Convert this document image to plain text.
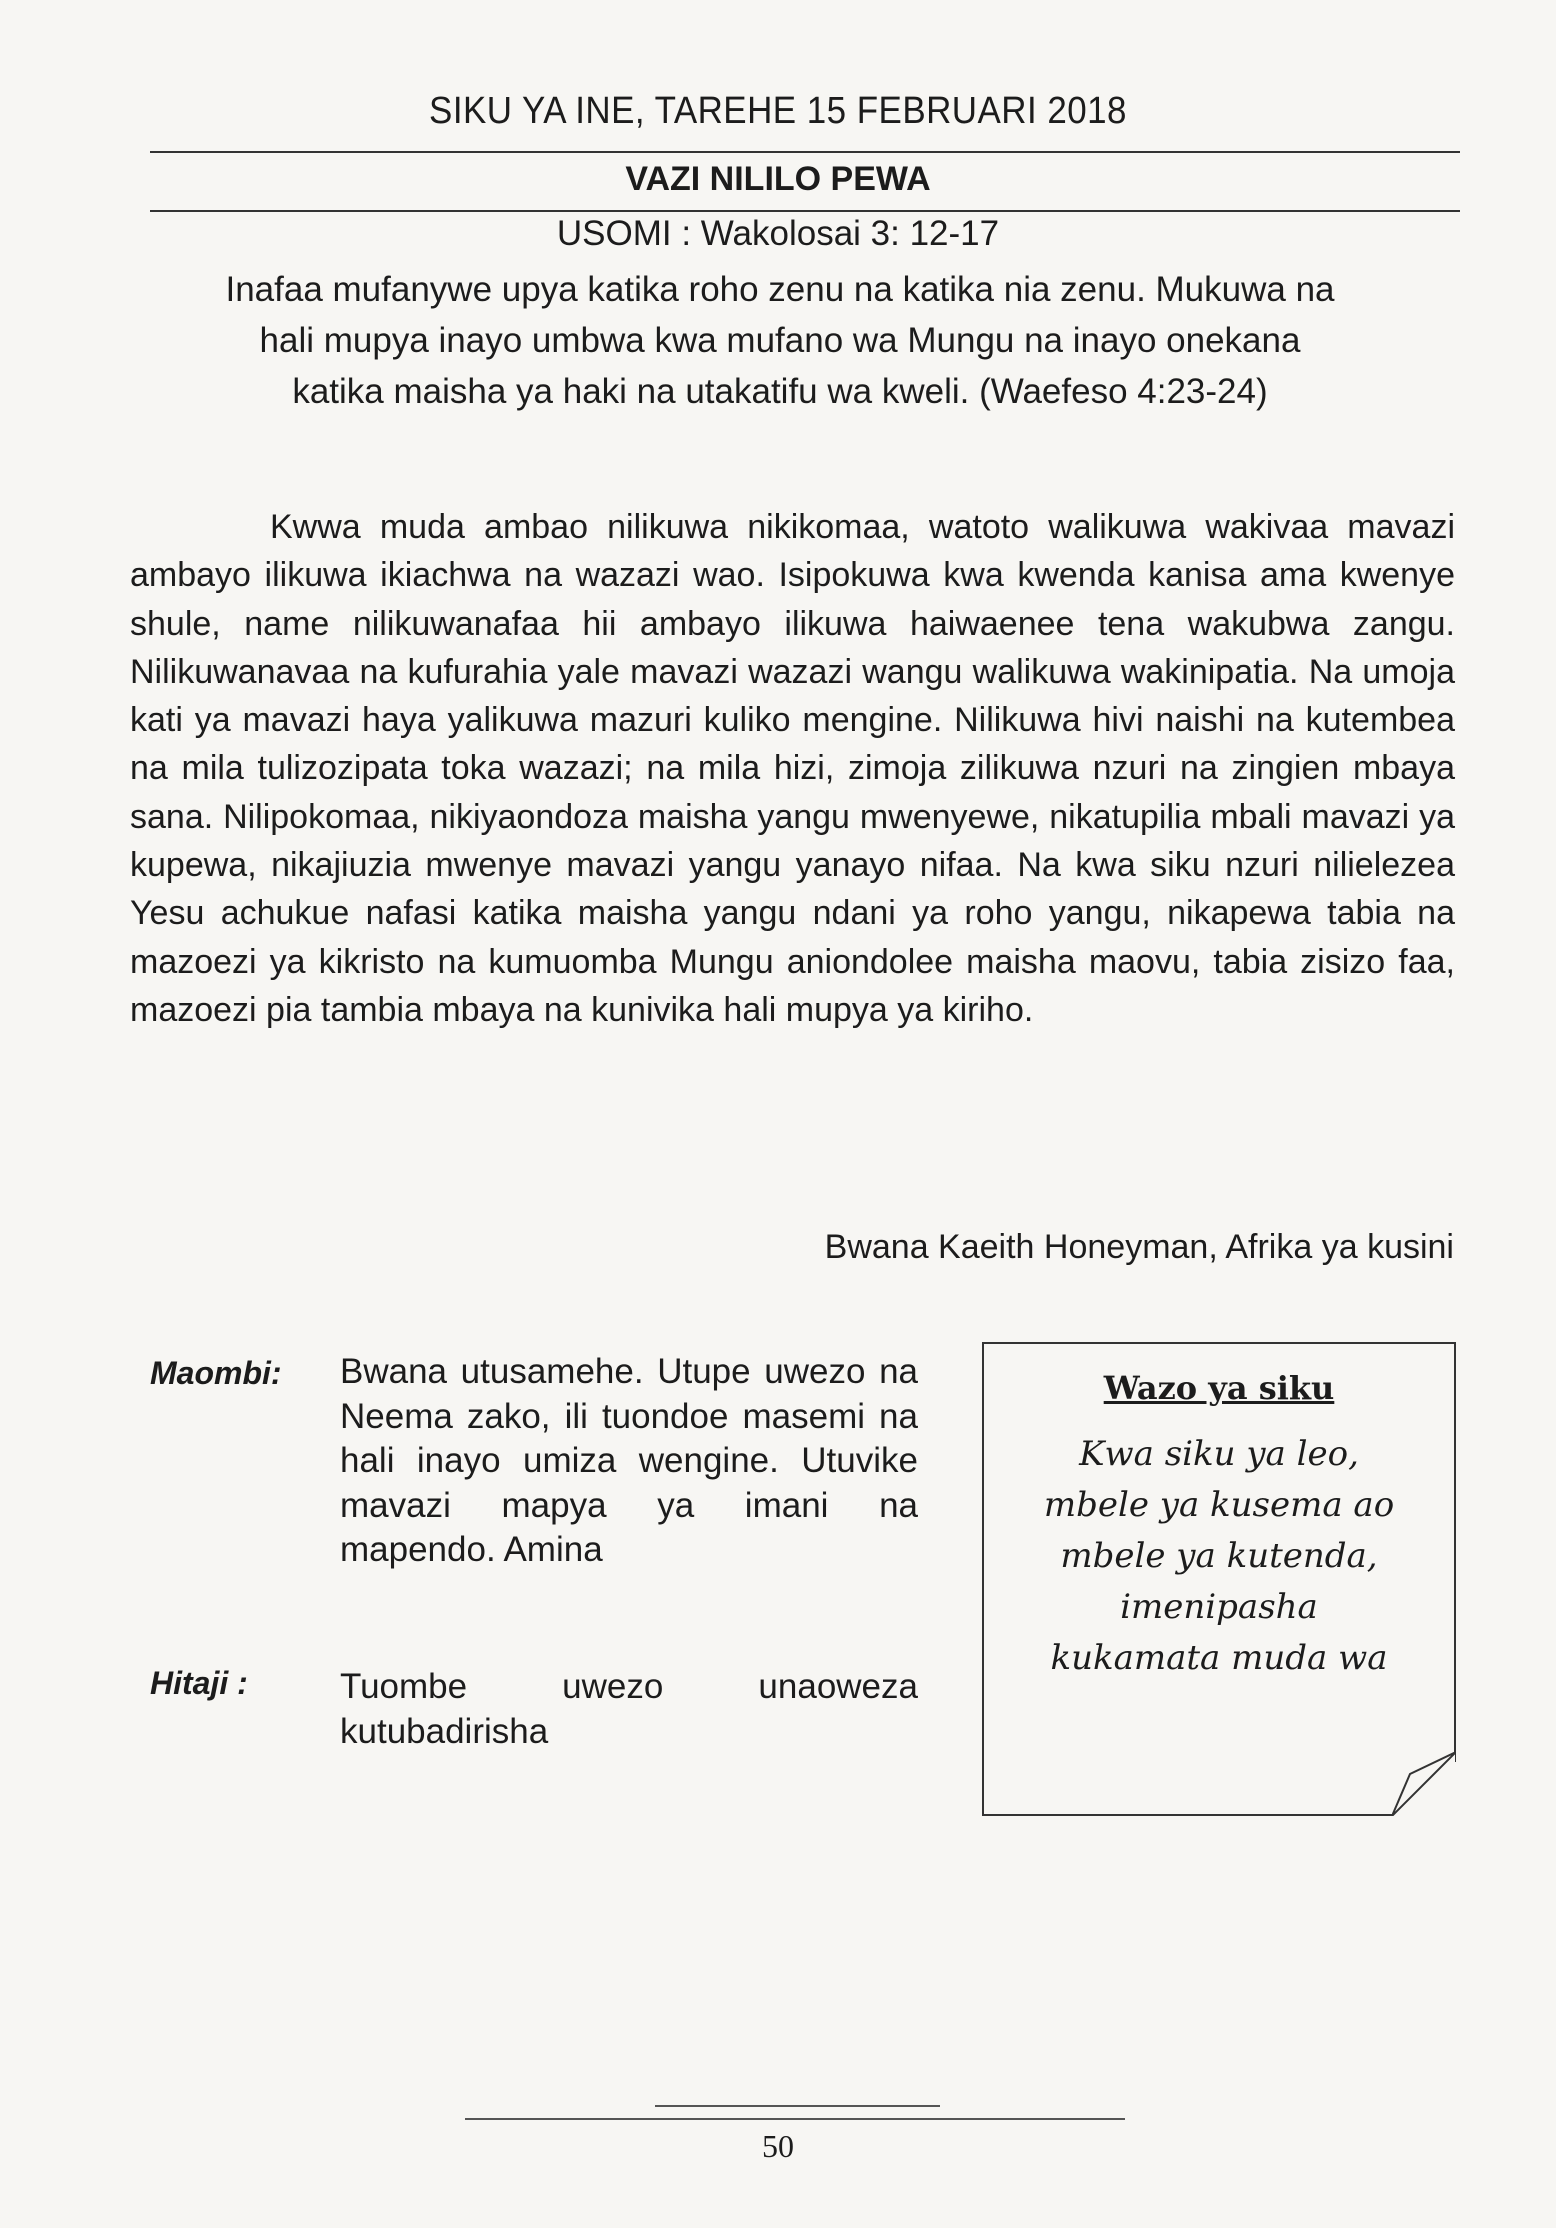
SIKU YA INE, TAREHE 15 FEBRUARI 2018
VAZI NILILO PEWA
USOMI : Wakolosai 3: 12-17
Inafaa mufanywe upya katika roho zenu na katika nia zenu. Mukuwa na
hali mupya inayo umbwa kwa mufano wa Mungu na inayo onekana
katika maisha ya haki na utakatifu wa kweli. (Waefeso 4:23-24)
Kwwa muda ambao nilikuwa nikikomaa, watoto walikuwa wakivaa mavazi ambayo ilikuwa ikiachwa na wazazi wao. Isipokuwa kwa kwenda kanisa ama kwenye shule, name nilikuwanafaa hii ambayo ilikuwa haiwaenee tena wakubwa zangu. Nilikuwanavaa na kufurahia yale mavazi wazazi wangu walikuwa wakinipatia. Na umoja kati ya mavazi haya yalikuwa mazuri kuliko mengine. Nilikuwa hivi naishi na kutembea na mila tulizozipata toka wazazi; na mila hizi, zimoja zilikuwa nzuri na zingien mbaya sana. Nilipokomaa, nikiyaondoza maisha yangu mwenyewe, nikatupilia mbali mavazi ya kupewa, nikajiuzia mwenye mavazi yangu yanayo nifaa. Na kwa siku nzuri nilielezea Yesu achukue nafasi katika maisha yangu ndani ya roho yangu, nikapewa tabia na mazoezi ya kikristo na kumuomba Mungu aniondolee maisha maovu, tabia zisizo faa, mazoezi pia tambia mbaya na kunivika hali mupya ya kiriho.
Bwana Kaeith Honeyman, Afrika ya kusini
Maombi: Bwana utusamehe. Utupe uwezo na Neema zako, ili tuondoe masemi na hali inayo umiza wengine. Utuvike mavazi mapya ya imani na mapendo. Amina
Hitaji :	Tuombe uwezo unaoweza kutubadirisha
Wazo ya siku
Kwa siku ya leo,
mbele ya kusema ao
mbele ya kutenda,
imenipasha
kukamata muda wa
50
